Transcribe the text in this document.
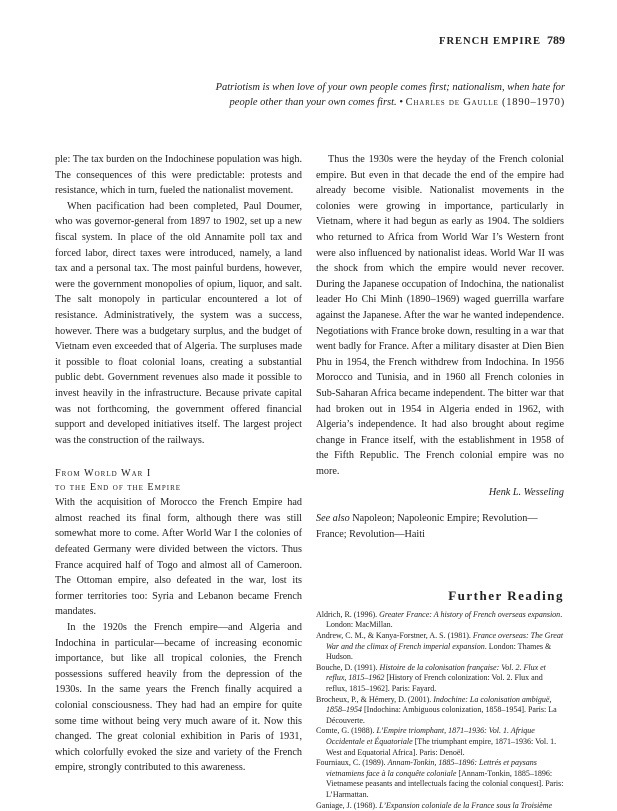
FRENCH EMPIRE 789
Patriotism is when love of your own people comes first; nationalism, when hate for
people other than your own comes first. • Charles de Gaulle (1890–1970)

ple: The tax burden on the Indochinese population was high. The consequences of this were predictable: protests and resistance, which in turn, fueled the nationalist movement.

When pacification had been completed, Paul Doumer, who was governor-general from 1897 to 1902, set up a new fiscal system. In place of the old Annamite poll tax and forced labor, direct taxes were introduced, namely, a land tax and a personal tax. The most painful burdens, however, were the government monopolies of opium, liquor, and salt. The salt monopoly in particular encountered a lot of resistance. Administratively, the system was a success, however. There was a budgetary surplus, and the budget of Vietnam even exceeded that of Algeria. The surpluses made it possible to float colonial loans, creating a substantial public debt. Government revenues also made it possible to invest heavily in the infrastructure. Because private capital was not forthcoming, the government offered financial support and developed initiatives itself. The largest project was the construction of the railways.

From World War I
to the End of the Empire

With the acquisition of Morocco the French Empire had almost reached its final form, although there was still somewhat more to come. After World War I the colonies of defeated Germany were divided between the victors. Thus France acquired half of Togo and almost all of Cameroon. The Ottoman empire, also defeated in the war, lost its former territories too: Syria and Lebanon became French mandates.

In the 1920s the French empire—and Algeria and Indochina in particular—became of increasing economic importance, but like all tropical colonies, the French possessions suffered heavily from the depression of the 1930s. In the same years the French finally acquired a colonial consciousness. They had had an empire for quite some time without being very much aware of it. Now this changed. The great colonial exhibition in Paris of 1931, which colorfully evoked the size and variety of the French empire, strongly contributed to this awareness.

Thus the 1930s were the heyday of the French colonial empire. But even in that decade the end of the empire had already become visible. Nationalist movements in the colonies were growing in importance, particularly in Vietnam, where it had begun as early as 1904. The soldiers who returned to Africa from World War I’s Western front were also influenced by nationalist ideas. World War II was the shock from which the empire would never recover. During the Japanese occupation of Indochina, the nationalist leader Ho Chi Minh (1890–1969) waged guerrilla warfare against the Japanese. After the war he wanted independence. Negotiations with France broke down, resulting in a war that went badly for France. After a military disaster at Dien Bien Phu in 1954, the French withdrew from Indochina. In 1956 Morocco and Tunisia, and in 1960 all French colonies in Sub-Saharan Africa became independent. The bitter war that had broken out in 1954 in Algeria ended in 1962, with Algeria’s independence. It had also brought about regime change in France itself, with the establishment in 1958 of the Fifth Republic. The French colonial empire was no more.

Henk L. Wesseling
See also Napoleon; Napoleonic Empire; Revolution—France; Revolution—Haiti
Further Reading
Aldrich, R. (1996). Greater France: A history of French overseas expansion. London: MacMillan.
Andrew, C. M., & Kanya-Forstner, A. S. (1981). France overseas: The Great War and the climax of French imperial expansion. London: Thames & Hudson.
Bouche, D. (1991). Histoire de la colonisation française: Vol. 2. Flux et reflux, 1815–1962 [History of French colonization: Vol. 2. Flux and reflux, 1815–1962]. Paris: Fayard.
Brocheux, P., & Hémery, D. (2001). Indochine: La colonisation ambiguë, 1858–1954 [Indochina: Ambiguous colonization, 1858–1954]. Paris: La Découverte.
Comte, G. (1988). L’Empire triomphant, 1871–1936: Vol. 1. Afrique Occidentale et Équatoriale [The triumphant empire, 1871–1936: Vol. 1. West and Equatorial Africa]. Paris: Denoël.
Fourniaux, C. (1989). Annam-Tonkin, 1885–1896: Lettrés et paysans vietnamiens face à la conquête coloniale [Annam-Tonkin, 1885–1896: Vietnamese peasants and intellectuals facing the colonial conquest]. Paris: L’Harmattan.
Ganiage, J. (1968). L’Expansion coloniale de la France sous la Troisième
